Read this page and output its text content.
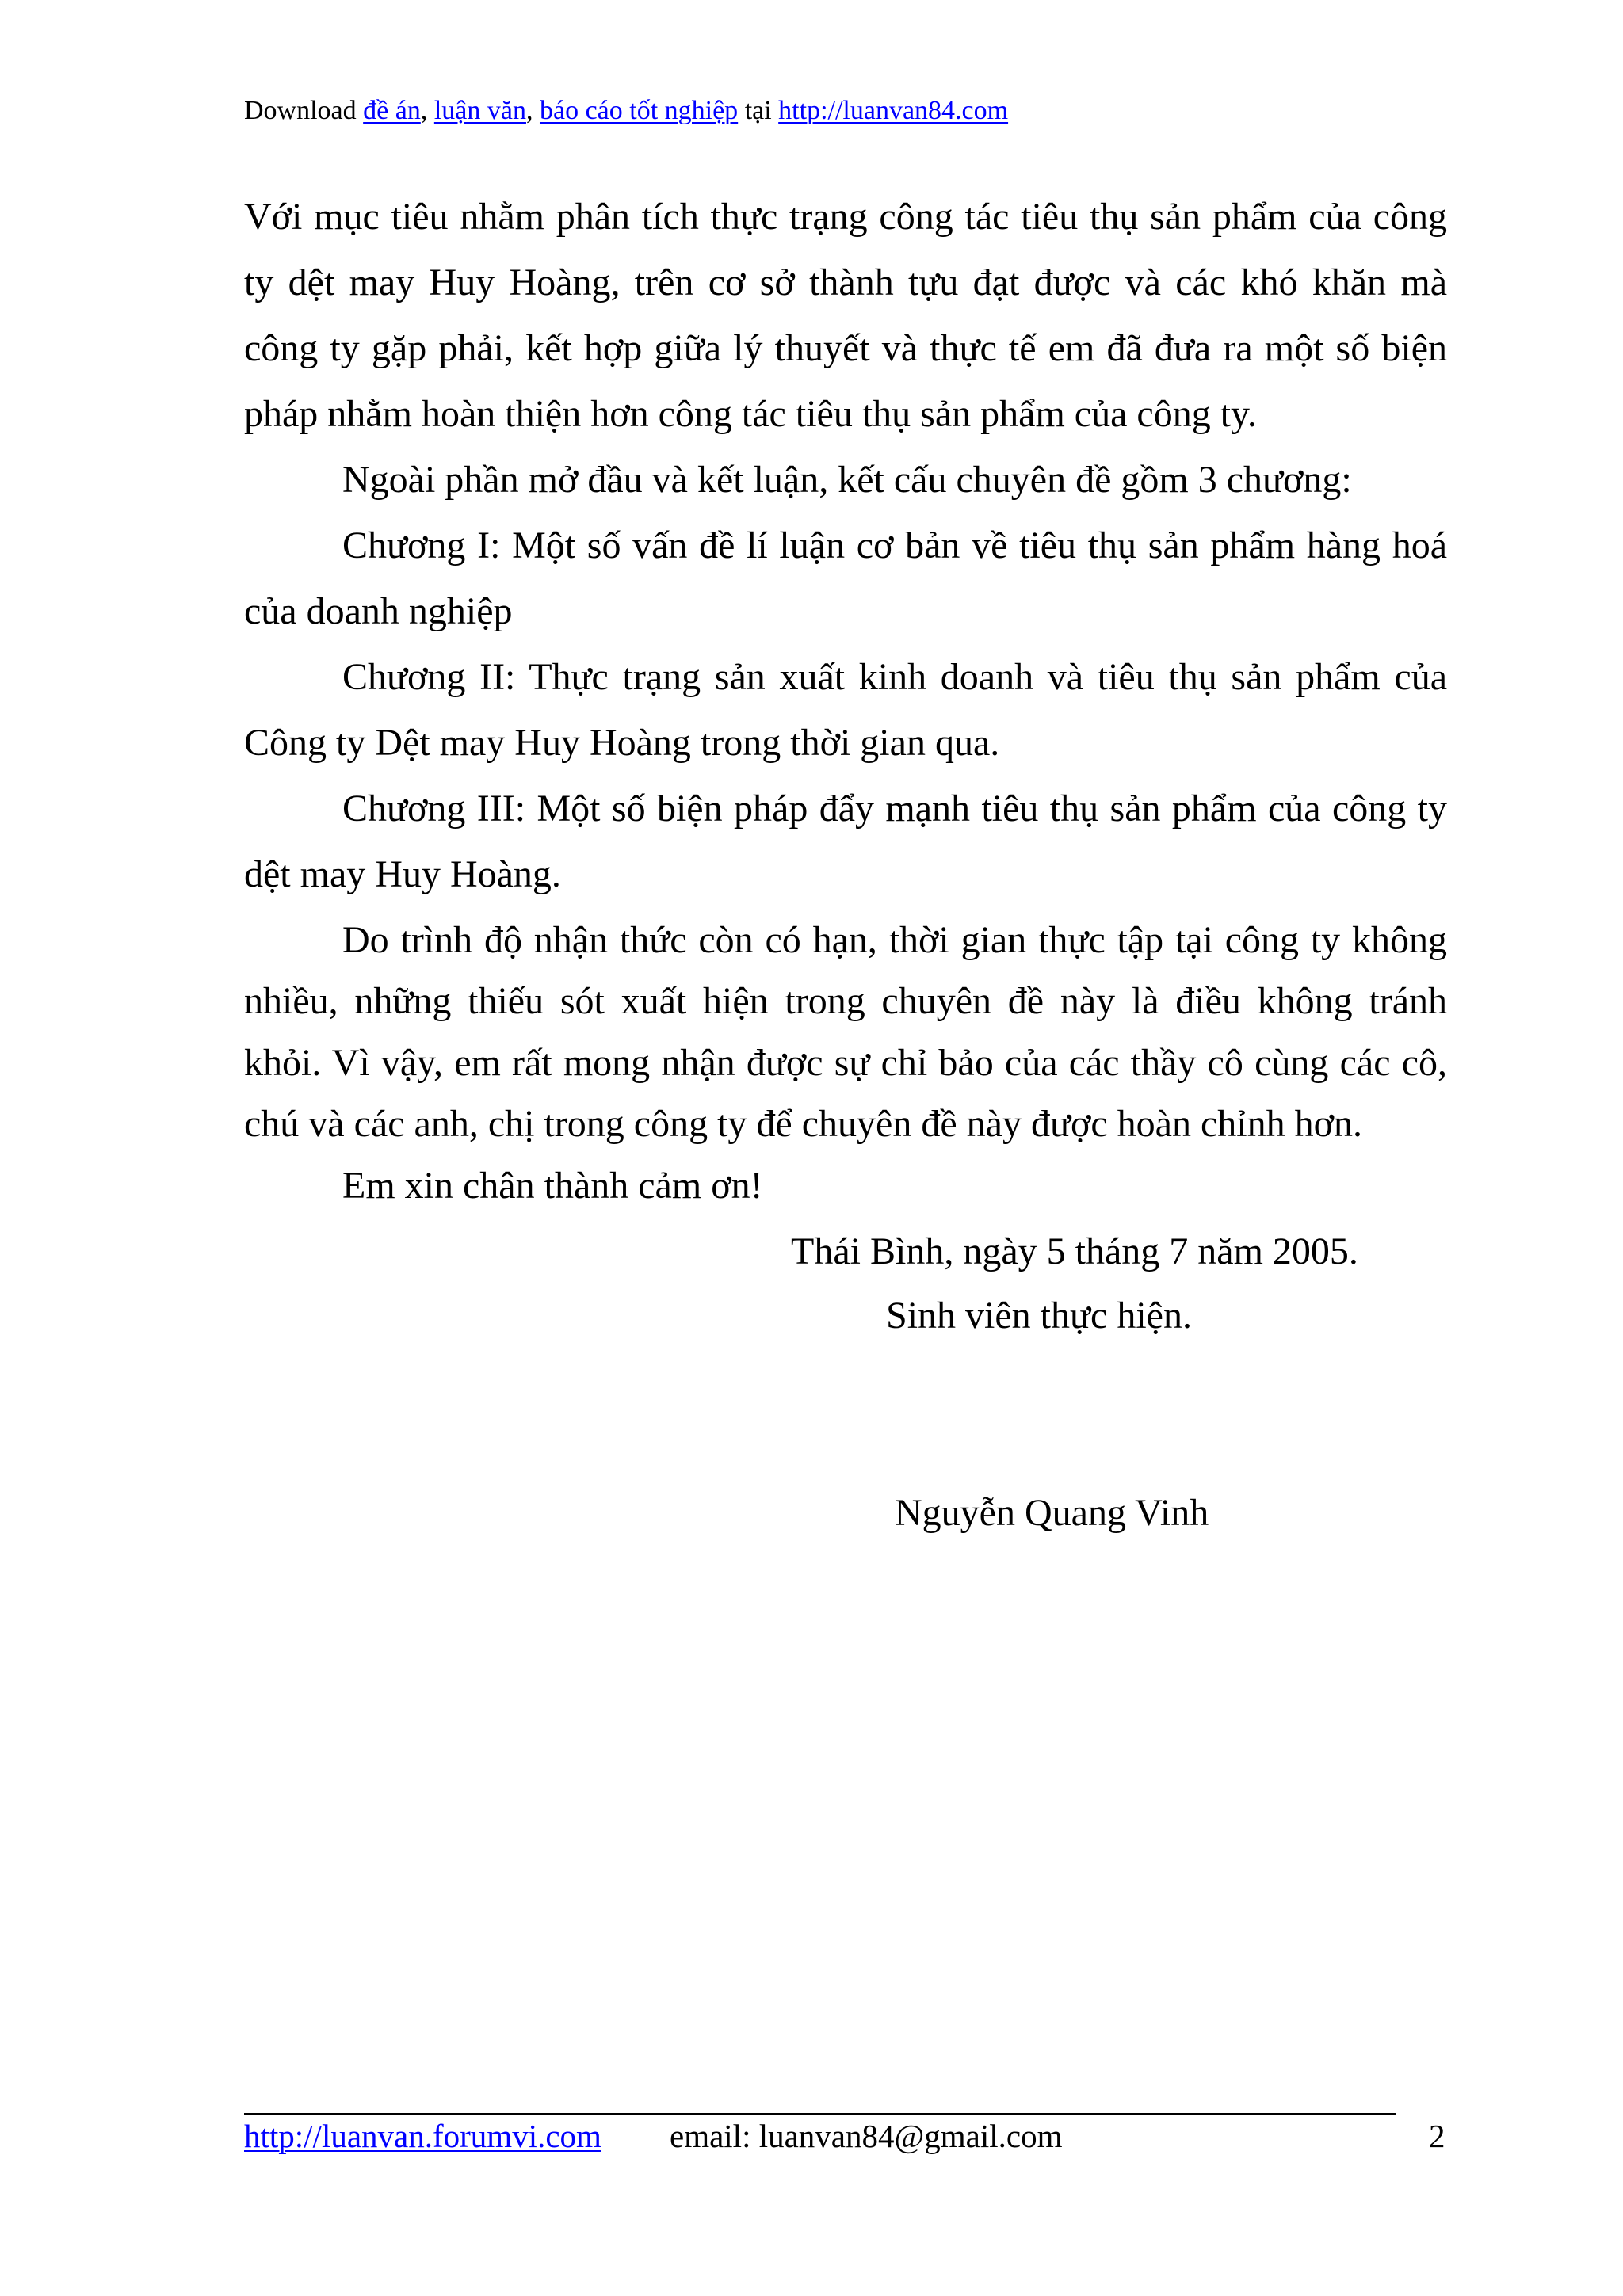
Download đề án, luận văn, báo cáo tốt nghiệp tại http://luanvan84.com
Với mục tiêu nhằm phân tích thực trạng công tác tiêu thụ sản phẩm của công
ty dệt may Huy Hoàng, trên cơ sở thành tựu đạt được và các khó khăn mà
công ty gặp phải, kết hợp giữa lý thuyết và thực tế em đã đưa ra một số biện
pháp nhằm hoàn thiện hơn công tác tiêu thụ sản phẩm của công ty.
Ngoài phần mở đầu và kết luận, kết cấu chuyên đề gồm 3 chương:
Chương I: Một số vấn đề lí luận cơ bản về tiêu thụ sản phẩm hàng hoá
của doanh nghiệp
Chương II: Thực trạng sản xuất kinh doanh và tiêu thụ sản phẩm của
Công ty Dệt may Huy Hoàng trong thời gian qua.
Chương III: Một số biện pháp đẩy mạnh tiêu thụ sản phẩm của công ty
dệt may Huy Hoàng.
Do trình độ nhận thức còn có hạn, thời gian thực tập tại công ty không
nhiều, những thiếu sót xuất hiện trong chuyên đề này là điều không tránh
khỏi. Vì vậy, em rất mong nhận được sự chỉ bảo của các thầy cô cùng các cô,
chú và các anh, chị trong công ty để chuyên đề này được hoàn chỉnh hơn.
Em xin chân thành cảm ơn!
Thái Bình, ngày 5 tháng 7 năm 2005.
Sinh viên thực hiện.
Nguyễn Quang Vinh
http://luanvan.forumvi.com email: luanvan84@gmail.com	2
